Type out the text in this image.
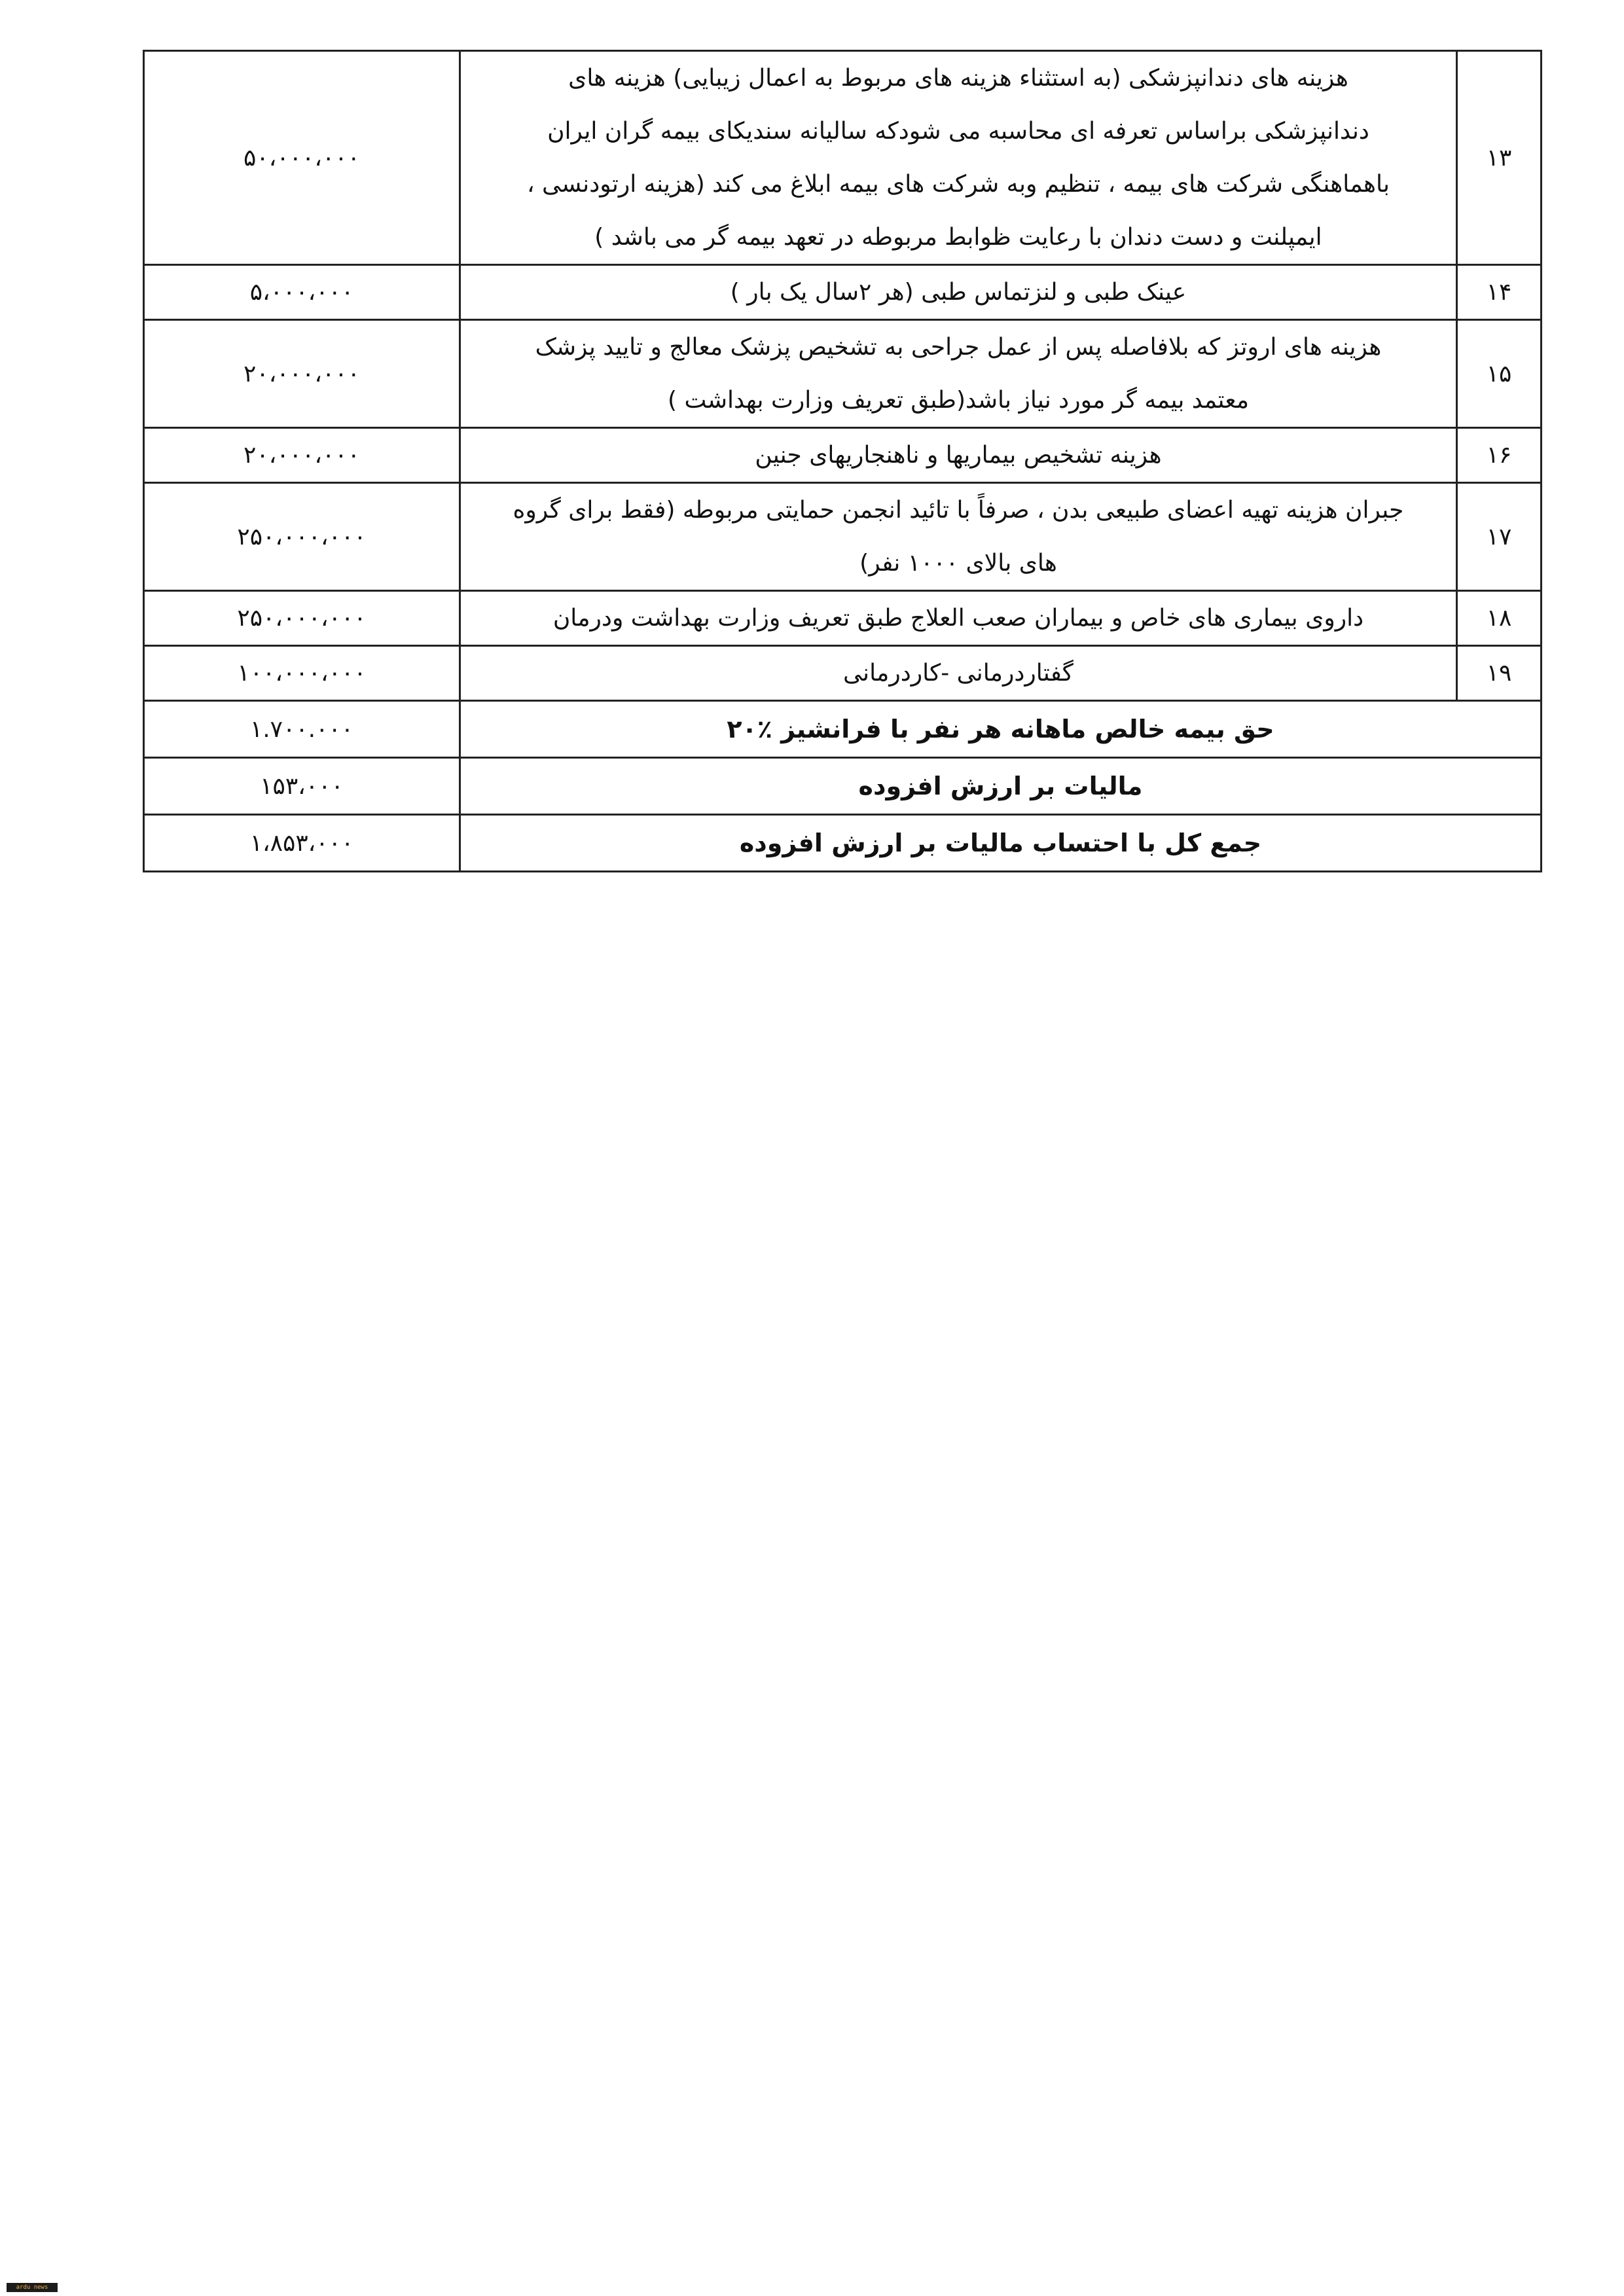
۱۳	هزینه های دندانپزشکی (به استثناء هزینه های مربوط به اعمال زیبایی) هزینه های
دندانپزشکی براساس تعرفه ای محاسبه می شودکه سالیانه سندیکای بیمه گران ایران
باهماهنگی شرکت های بیمه ، تنظیم وبه شرکت های بیمه ابلاغ می کند (هزینه ارتودنسی ،
ایمپلنت و دست دندان با رعایت ظوابط مربوطه در تعهد بیمه گر می باشد )	۵۰،۰۰۰،۰۰۰
۱۴	عینک طبی و لنزتماس طبی (هر ۲سال یک بار )	۵،۰۰۰،۰۰۰
۱۵	هزینه های اروتز که بلافاصله پس از عمل جراحی به تشخیص پزشک معالج و تایید پزشک
معتمد بیمه گر مورد نیاز باشد(طبق تعریف وزارت بهداشت )	۲۰،۰۰۰،۰۰۰
۱۶	هزینه تشخیص بیماریها و ناهنجاریهای جنین	۲۰،۰۰۰،۰۰۰
۱۷	جبران هزینه تهیه اعضای طبیعی بدن ، صرفاً با تائید انجمن حمایتی مربوطه (فقط برای گروه
های بالای ۱۰۰۰ نفر)	۲۵۰،۰۰۰،۰۰۰
۱۸	داروی بیماری های خاص و بیماران صعب العلاج طبق تعریف وزارت بهداشت ودرمان	۲۵۰،۰۰۰،۰۰۰
۱۹	گفتاردرمانی -کاردرمانی	۱۰۰،۰۰۰،۰۰۰
حق بیمه خالص ماهانه هر نفر با فرانشیز ٪۲۰		۱.۷۰۰.۰۰۰
مالیات بر ارزش افزوده		۱۵۳،۰۰۰
جمع کل با احتساب مالیات بر ارزش افزوده		۱،۸۵۳،۰۰۰
ardu news
